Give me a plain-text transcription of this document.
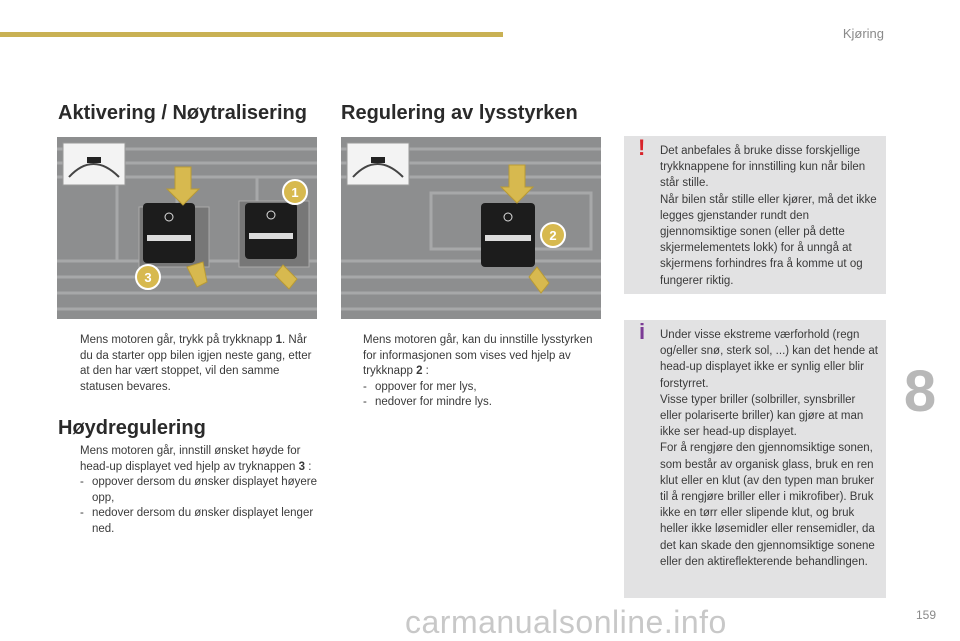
Kjøring
Aktivering / Nøytralisering
1
3
Mens motoren går, trykk på trykknapp 1. Når du da starter opp bilen igjen neste gang, etter at den har vært stoppet, vil den samme statusen bevares.
Høydregulering
Mens motoren går, innstill ønsket høyde for head-up displayet ved hjelp av tryknappen 3 :
- oppover dersom du ønsker displayet høyere opp,
- nedover dersom du ønsker displayet lenger ned.
Regulering av lysstyrken
2
Mens motoren går, kan du innstille lysstyrken for informasjonen som vises ved hjelp av trykknapp 2 :
- oppover for mer lys,
- nedover for mindre lys.
! Det anbefales å bruke disse forskjellige trykknappene for innstilling kun når bilen står stille.

Når bilen står stille eller kjører, må det ikke legges gjenstander rundt den gjennomsiktige sonen (eller på dette skjermelementets lokk) for å unngå at skjermens forhindres fra å komme ut og fungerer riktig.

i Under visse ekstreme værforhold (regn og/eller snø, sterk sol, ...) kan det hende at head-up displayet ikke er synlig eller blir forstyrret.

Visse typer briller (solbriller, synsbriller eller polariserte briller) kan gjøre at man ikke ser head-up displayet.

For å rengjøre den gjennomsiktige sonen, som består av organisk glass, bruk en ren klut eller en klut (av den typen man bruker til å rengjøre briller eller i mikrofiber). Bruk ikke en tørr eller slipende klut, og bruk heller ikke løsemidler eller rensemidler, da det kan skade den gjennomsiktige sonene eller den aktireflekterende behandlingen.

8
carmanualsonline.info	159
